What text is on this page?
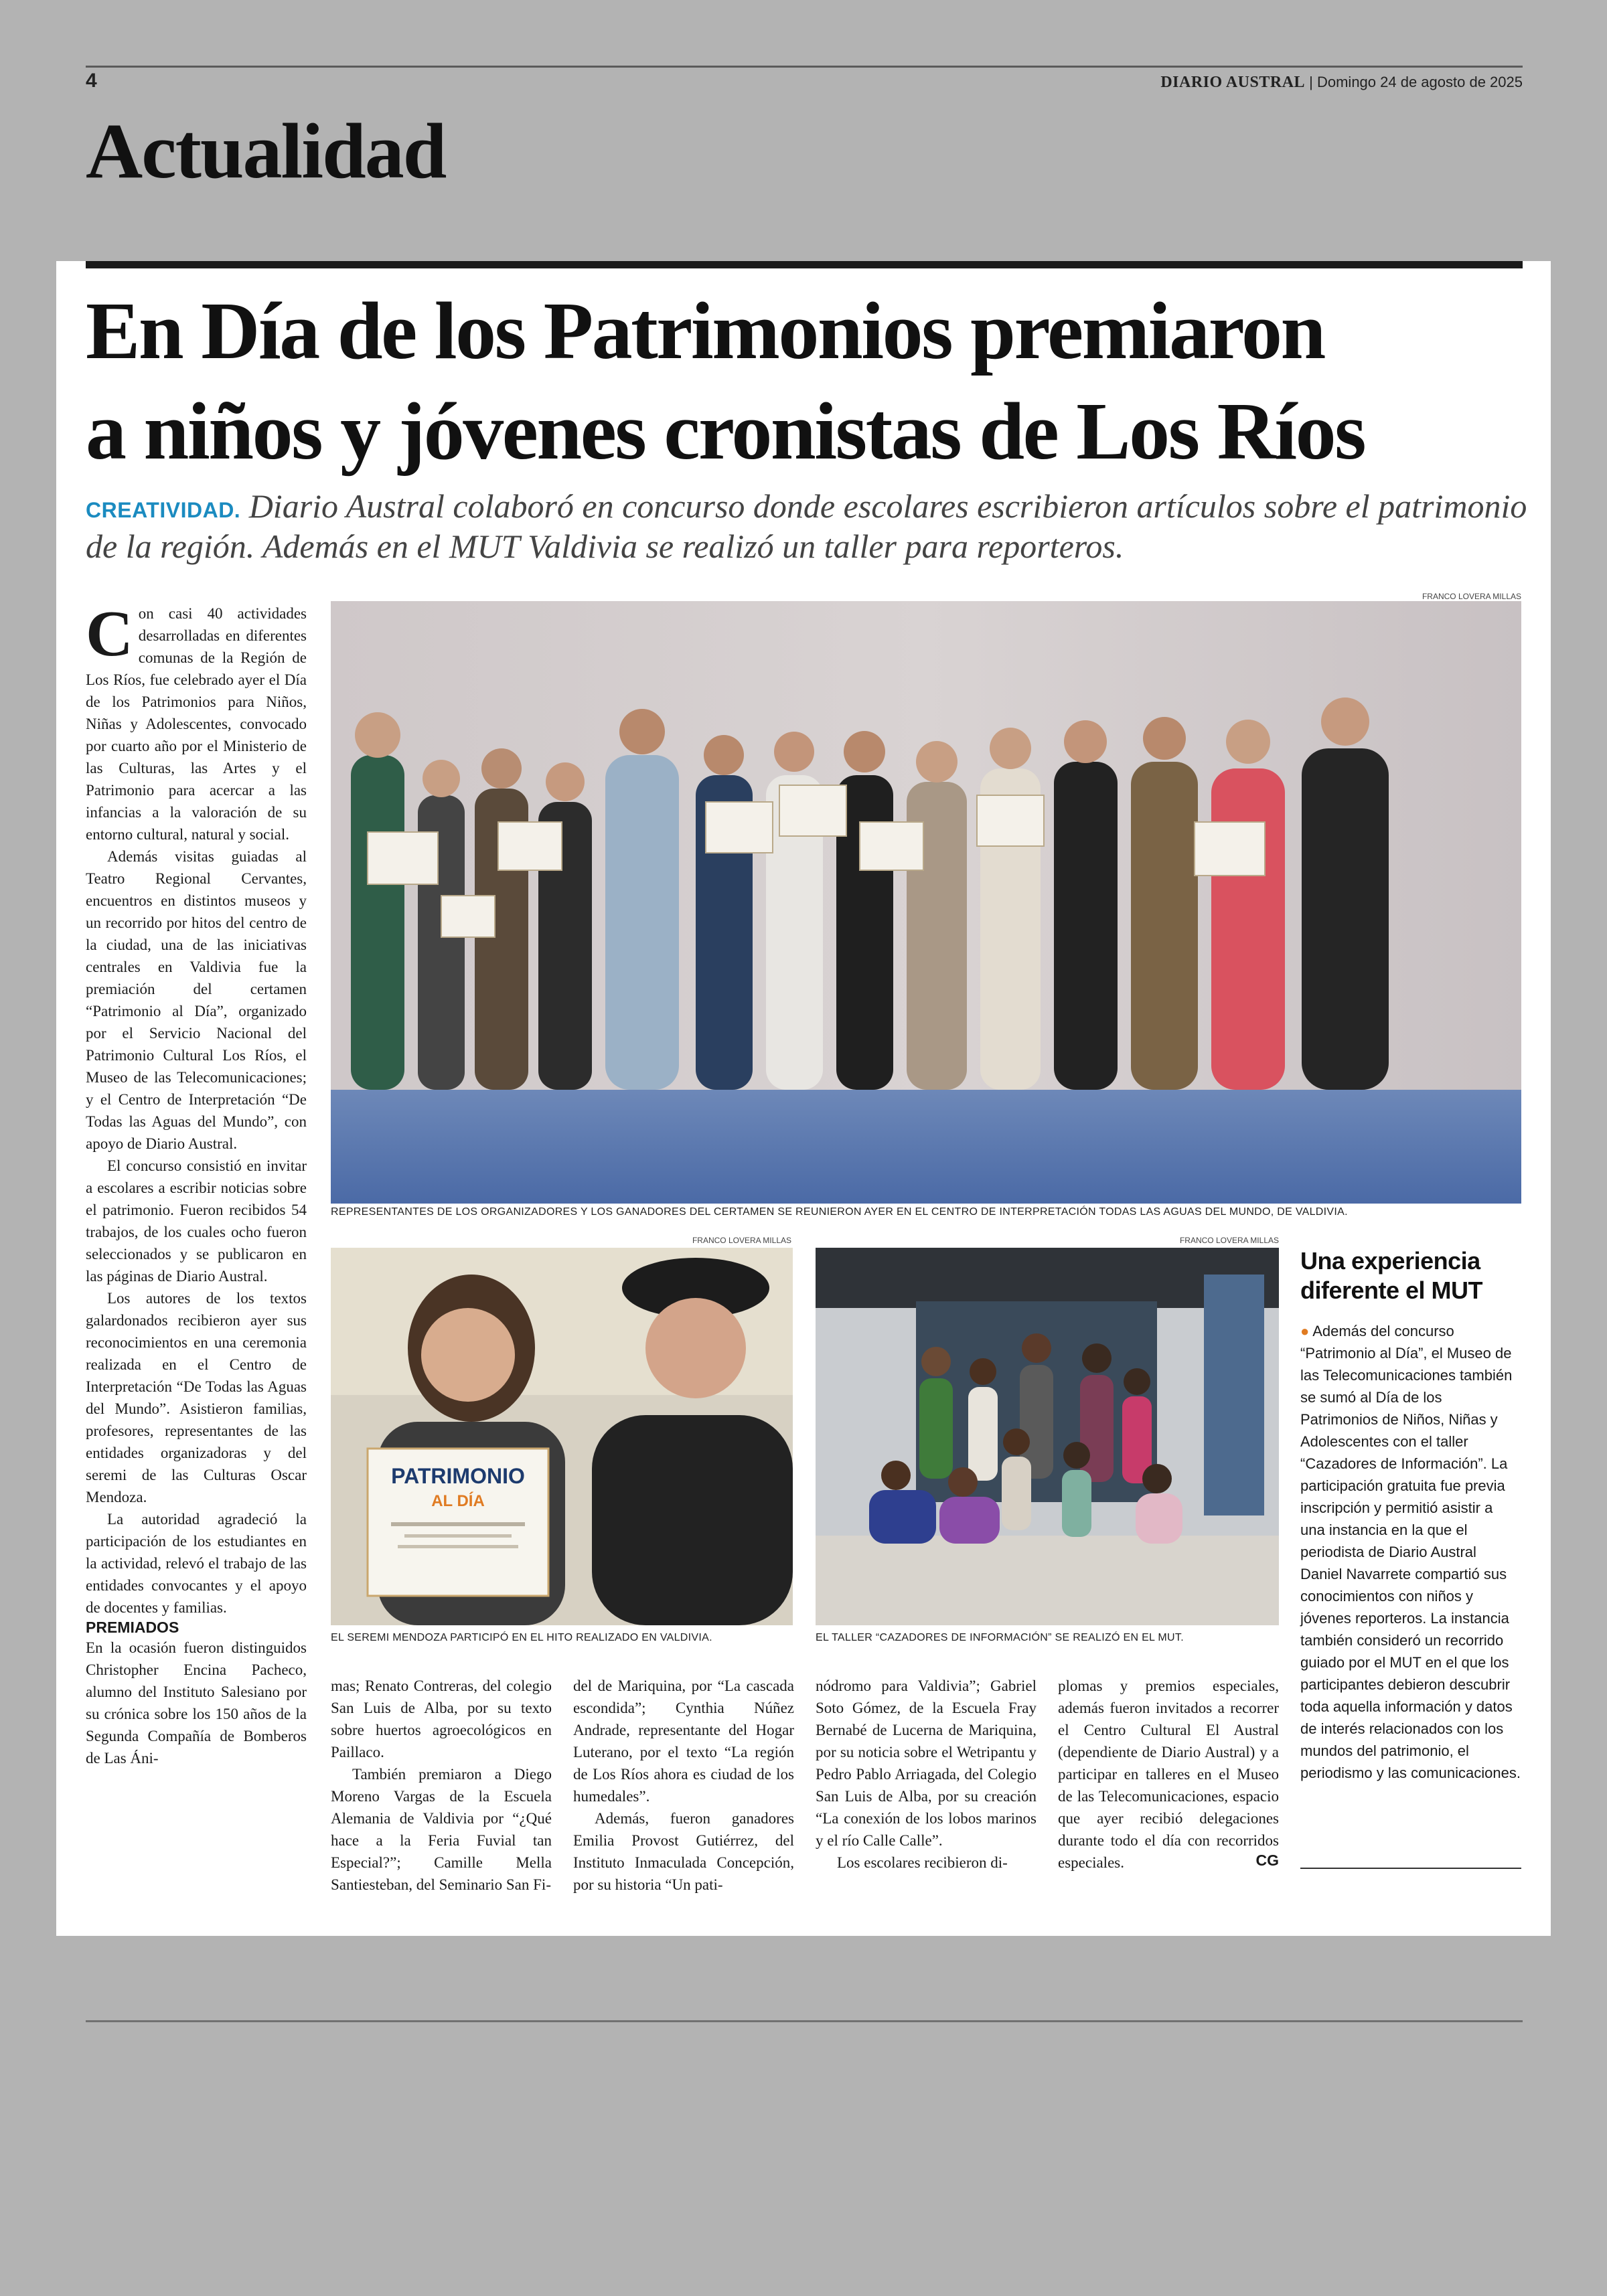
4	DIARIO AUSTRAL | Domingo 24 de agosto de 2025
Actualidad
En Día de los Patrimonios premiaron
a niños y jóvenes cronistas de Los Ríos
CREATIVIDAD. Diario Austral colaboró en concurso donde escolares escribieron artículos sobre el patrimonio de la región. Además en el MUT Valdivia se realizó un taller para reporteros.

Con casi 40 actividades desarrolladas en diferentes comunas de la Región de Los Ríos, fue celebrado ayer el Día de los Patrimonios para Niños, Niñas y Adolescentes, convocado por cuarto año por el Ministerio de las Culturas, las Artes y el Patrimonio para acercar a las infancias a la valoración de su entorno cultural, natural y social.

Además visitas guiadas al Teatro Regional Cervantes, encuentros en distintos museos y un recorrido por hitos del centro de la ciudad, una de las iniciativas centrales en Valdivia fue la premiación del certamen “Patrimonio al Día”, organizado por el Servicio Nacional del Patrimonio Cultural Los Ríos, el Museo de las Telecomunicaciones; y el Centro de Interpretación “De Todas las Aguas del Mundo”, con apoyo de Diario Austral.

El concurso consistió en invitar a escolares a escribir noticias sobre el patrimonio. Fueron recibidos 54 trabajos, de los cuales ocho fueron seleccionados y se publicaron en las páginas de Diario Austral.

Los autores de los textos galardonados recibieron ayer sus reconocimientos en una ceremonia realizada en el Centro de Interpretación “De Todas las Aguas del Mundo”. Asistieron familias, profesores, representantes de las entidades organizadoras y del seremi de las Culturas Oscar Mendoza.

La autoridad agradeció la participación de los estudiantes en la actividad, relevó el trabajo de las entidades convocantes y el apoyo de docentes y familias.

PREMIADOS

En la ocasión fueron distinguidos Christopher Encina Pacheco, alumno del Instituto Salesiano por su crónica sobre los 150 años de la Segunda Compañía de Bomberos de Las Áni-

FRANCO LOVERA MILLAS
REPRESENTANTES DE LOS ORGANIZADORES Y LOS GANADORES DEL CERTAMEN SE REUNIERON AYER EN EL CENTRO DE INTERPRETACIÓN TODAS LAS AGUAS DEL MUNDO, DE VALDIVIA.
FRANCO LOVERA MILLAS
PATRIMONIO
AL DÍA
EL SEREMI MENDOZA PARTICIPÓ EN EL HITO REALIZADO EN VALDIVIA.
FRANCO LOVERA MILLAS
EL TALLER “CAZADORES DE INFORMACIÓN” SE REALIZÓ EN EL MUT.

mas; Renato Contreras, del colegio San Luis de Alba, por su texto sobre huertos agroecológicos en Paillaco.

También premiaron a Diego Moreno Vargas de la Escuela Alemania de Valdivia por “¿Qué hace a la Feria Fuvial tan Especial?”; Camille Mella Santiesteban, del Seminario San Fi-

del de Mariquina, por “La cascada escondida”; Cynthia Núñez Andrade, representante del Hogar Luterano, por el texto “La región de Los Ríos ahora es ciudad de los humedales”.

Además, fueron ganadores Emilia Provost Gutiérrez, del Instituto Inmaculada Concepción, por su historia “Un pati-

nódromo para Valdivia”; Gabriel Soto Gómez, de la Escuela Fray Bernabé de Lucerna de Mariquina, por su noticia sobre el Wetripantu y Pedro Pablo Arriagada, del Colegio San Luis de Alba, por su creación “La conexión de los lobos marinos y el río Calle Calle”.

Los escolares recibieron di-

plomas y premios especiales, además fueron invitados a recorrer el Centro Cultural El Austral (dependiente de Diario Austral) y a participar en talleres en el Museo de las Telecomunicaciones, espacio que ayer recibió delegaciones durante todo el día con recorridos especiales.	CG

Una experiencia diferente el MUT
● Además del concurso “Patrimonio al Día”, el Museo de las Telecomunicaciones también se sumó al Día de los Patrimonios de Niños, Niñas y Adolescentes con el taller “Cazadores de Información”. La participación gratuita fue previa inscripción y permitió asistir a una instancia en la que el periodista de Diario Austral Daniel Navarrete compartió sus conocimientos con niños y jóvenes reporteros. La instancia también consideró un recorrido guiado por el MUT en el que los participantes debieron descubrir toda aquella información y datos de interés relacionados con los mundos del patrimonio, el periodismo y las comunicaciones.
